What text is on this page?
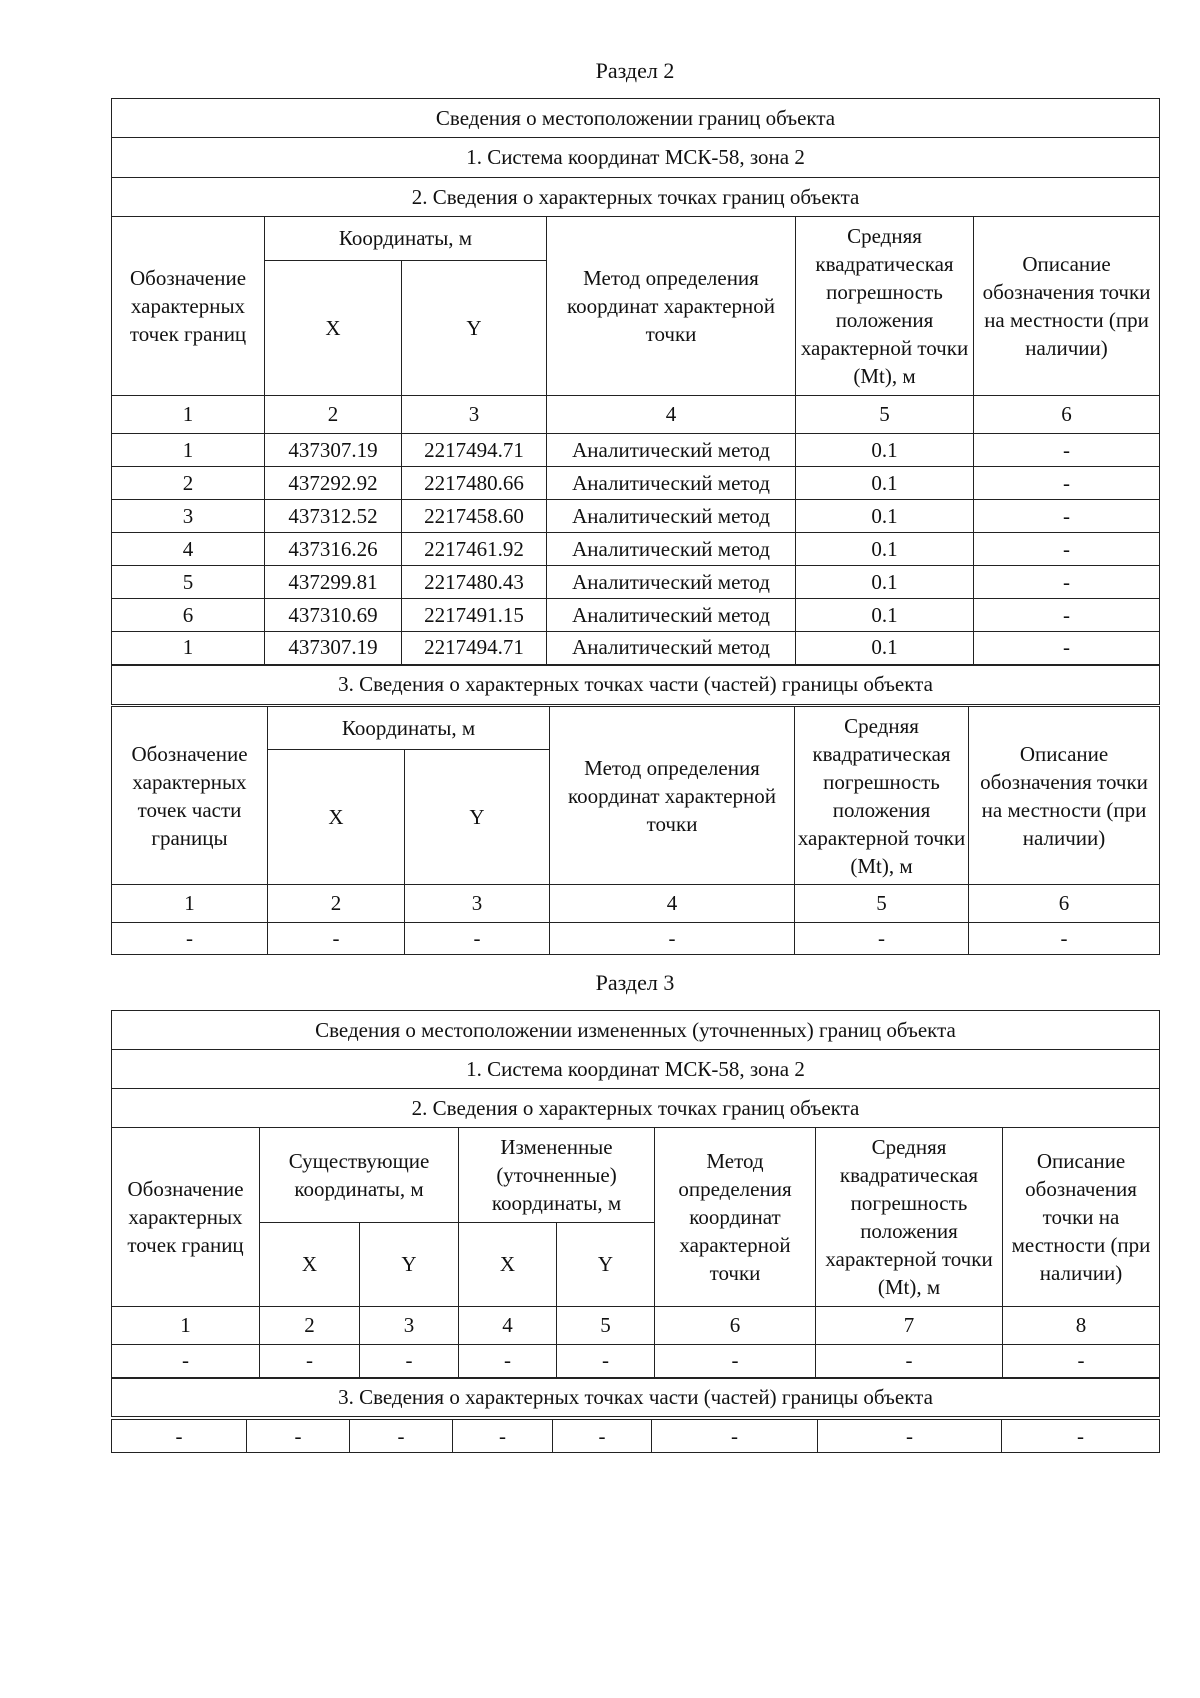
Раздел 2
Сведения о местоположении границ объекта					
1. Система координат МСК-58, зона 2					
2. Сведения о характерных точках границ объекта					
Обозначение характерных точек границ	Координаты, м		Метод определения координат характерной точки	Средняя квадратическая погрешность положения характерной точки (Mt), м	Описание обозначения точки на местности (при наличии)
	X	Y			
1	2	3	4	5	6
1	437307.19	2217494.71	Аналитический метод	0.1	-
2	437292.92	2217480.66	Аналитический метод	0.1	-
3	437312.52	2217458.60	Аналитический метод	0.1	-
4	437316.26	2217461.92	Аналитический метод	0.1	-
5	437299.81	2217480.43	Аналитический метод	0.1	-
6	437310.69	2217491.15	Аналитический метод	0.1	-
1	437307.19	2217494.71	Аналитический метод	0.1	-
3. Сведения о характерных точках части (частей) границы объекта					
Обозначение характерных точек части границы	Координаты, м		Метод определения координат характерной точки	Средняя квадратическая погрешность положения характерной точки (Mt), м	Описание обозначения точки на местности (при наличии)
	X	Y			
1	2	3	4	5	6
-	-	-	-	-	-
Раздел 3
Сведения о местоположении измененных (уточненных) границ объекта							
1. Система координат МСК-58, зона 2							
2. Сведения о характерных точках границ объекта							
Обозначение характерных точек границ	Существующие координаты, м		Измененные (уточненные) координаты, м		Метод определения координат характерной точки	Средняя квадратическая погрешность положения характерной точки (Mt), м	Описание обозначения точки на местности (при наличии)
	X	Y	X	Y			
1	2	3	4	5	6	7	8
-	-	-	-	-	-	-	-
3. Сведения о характерных точках части (частей) границы объекта							
-	-	-	-	-	-	-	-
